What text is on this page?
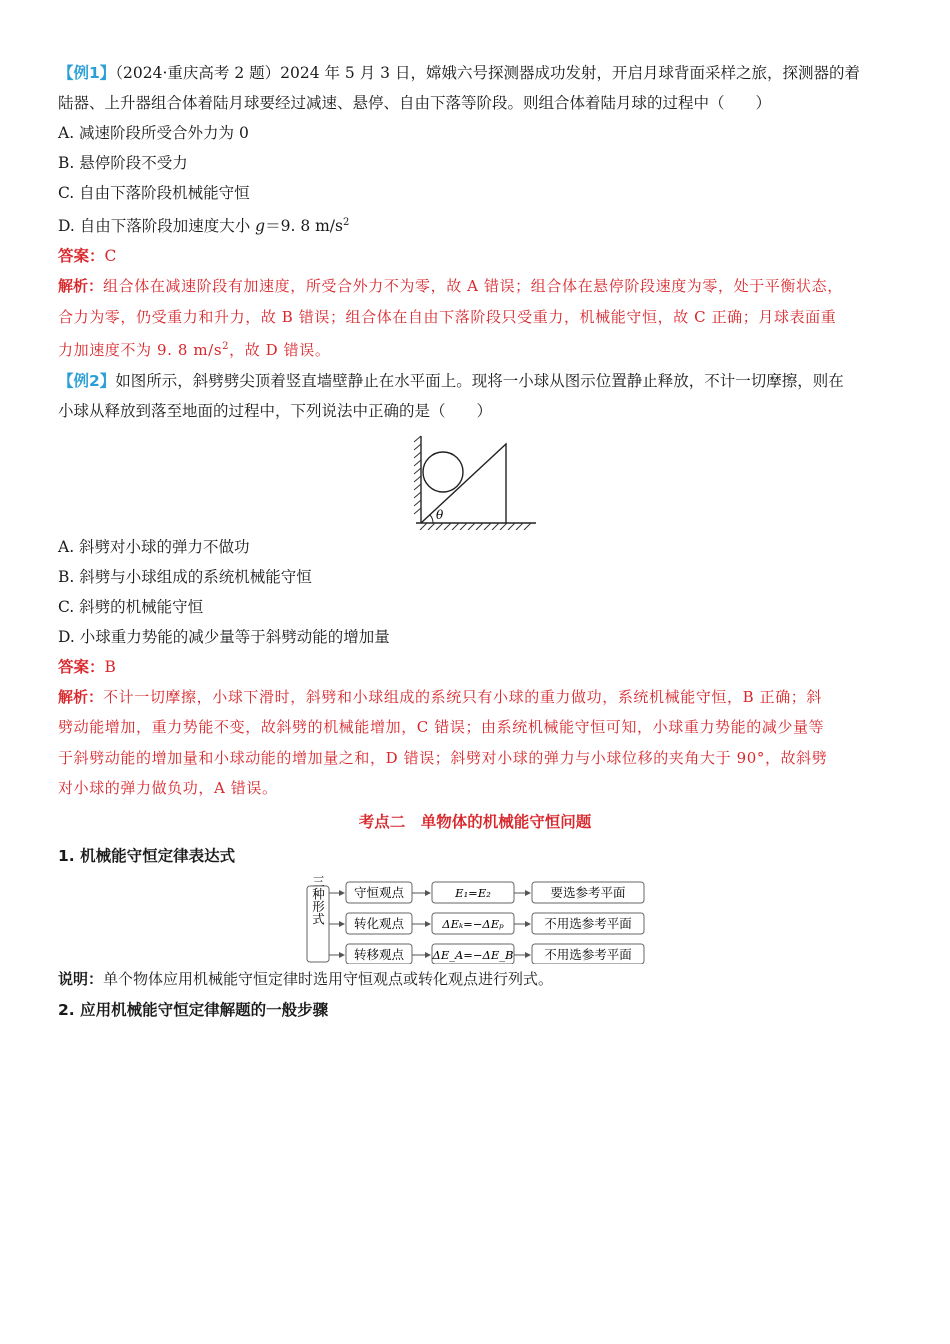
【例1】（2024·重庆高考 2 题）2024 年 5 月 3 日，嫦娥六号探测器成功发射，开启月球背面采样之旅，探测器的着

陆器、上升器组合体着陆月球要经过减速、悬停、自由下落等阶段。则组合体着陆月球的过程中（　　）

A. 减速阶段所受合外力为 0

B. 悬停阶段不受力

C. 自由下落阶段机械能守恒

D. 自由下落阶段加速度大小 g＝9. 8 $m/s^2$

答案：C

解析：组合体在减速阶段有加速度，所受合外力不为零，故 A 错误；组合体在悬停阶段速度为零，处于平衡状态，

合力为零，仍受重力和升力，故 B 错误；组合体在自由下落阶段只受重力，机械能守恒，故 C 正确；月球表面重

力加速度不为 9. 8 $m/s^2$，故 D 错误。

【例2】如图所示，斜劈劈尖顶着竖直墙壁静止在水平面上。现将一小球从图示位置静止释放，不计一切摩擦，则在

小球从释放到落至地面的过程中，下列说法中正确的是（　　）

θ

A. 斜劈对小球的弹力不做功

B. 斜劈与小球组成的系统机械能守恒

C. 斜劈的机械能守恒

D. 小球重力势能的减少量等于斜劈动能的增加量

答案：B

解析：不计一切摩擦，小球下滑时，斜劈和小球组成的系统只有小球的重力做功，系统机械能守恒，B 正确；斜

劈动能增加，重力势能不变，故斜劈的机械能增加，C 错误；由系统机械能守恒可知，小球重力势能的减少量等

于斜劈动能的增加量和小球动能的增加量之和，D 错误；斜劈对小球的弹力与小球位移的夹角大于 90°，故斜劈

对小球的弹力做负功，A 错误。

考点二　单物体的机械能守恒问题

1. 机械能守恒定律表达式

三种形式 守恒观点	E₁=E₂	要选参考平面
转化观点	ΔEₖ=−ΔEₚ	不用选参考平面
转移观点 ΔE_A=−ΔE_B 不用选参考平面

说明：单个物体应用机械能守恒定律时选用守恒观点或转化观点进行列式。

2. 应用机械能守恒定律解题的一般步骤
